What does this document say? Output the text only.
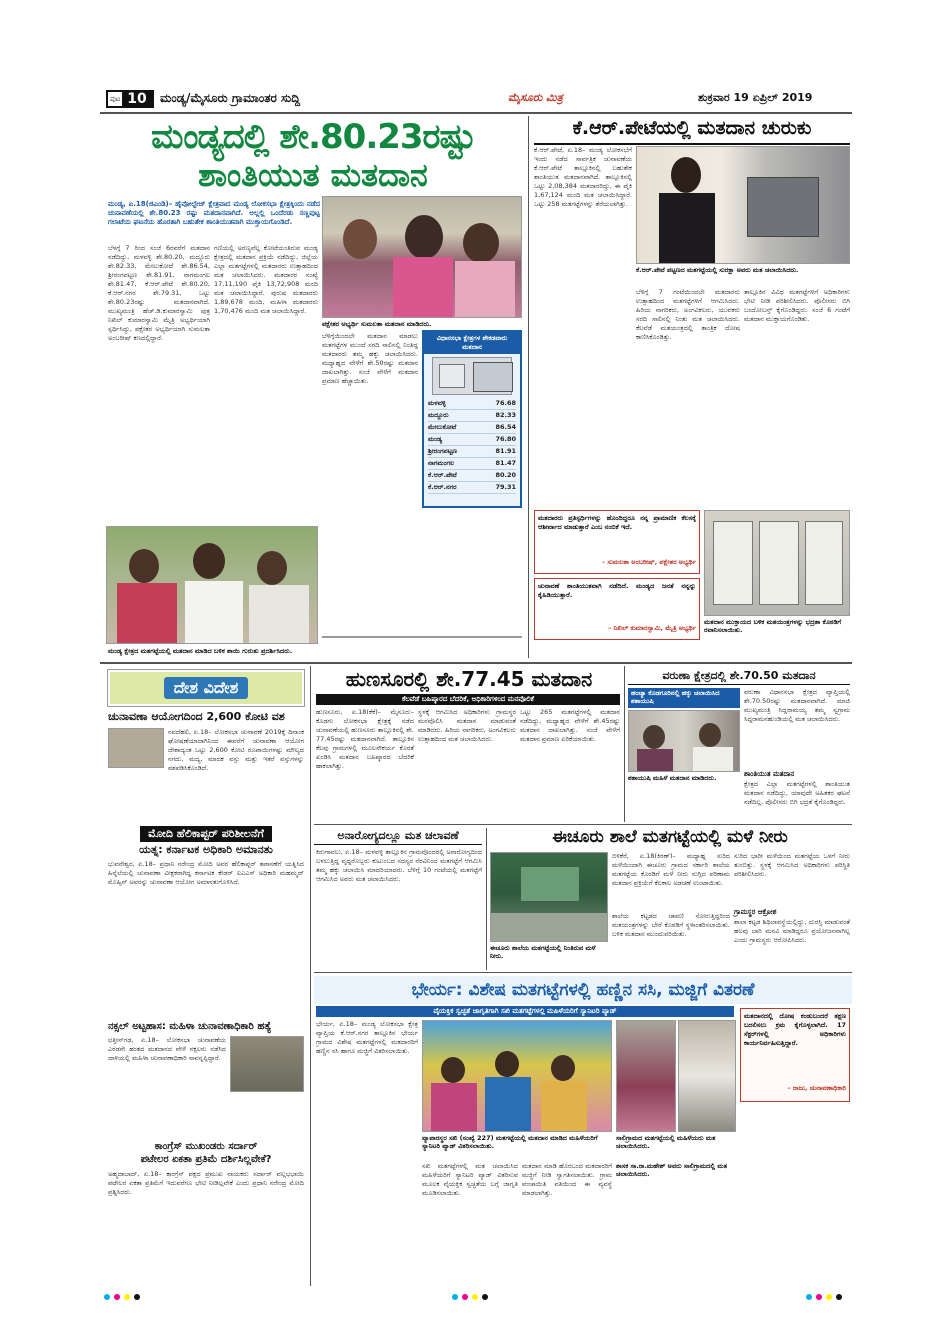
ಪುಟ 10	ಮಂಡ್ಯ/ಮೈಸೂರು ಗ್ರಾಮಾಂತರ ಸುದ್ದಿ	ಮೈಸೂರು ಮಿತ್ರ	ಶುಕ್ರವಾರ 19 ಏಪ್ರಿಲ್ 2019
ಮಂಡ್ಯದಲ್ಲಿ ಶೇ.80.23ರಷ್ಟು
ಶಾಂತಿಯುತ ಮತದಾನ
ಮಂಡ್ಯ, ಏ.18(ಜಿಎಂಡಿ)– ಹೈವೋಲ್ಟೇಜ್ ಕ್ಷೇತ್ರವಾದ ಮಂಡ್ಯ ಲೋಕಸಭಾ ಕ್ಷೇತ್ರಕ್ಕಿಂದು ನಡೆದ ಚುನಾವಣೆಯಲ್ಲಿ ಶೇ.80.23 ರಷ್ಟು ಮತದಾನವಾಗಿದೆ. ಅಲ್ಲಲ್ಲಿ ಒಂದೆರಡು ಸಣ್ಣಪುಟ್ಟ ಗಲಾಟೆಯ ಘಟನೆಯ ಹೊರತಾಗಿ ಬಹುತೇಕ ಶಾಂತಿಯುತವಾಗಿ ಮುಕ್ತಾಯಗೊಂಡಿದೆ.
ಬೆಳಗ್ಗೆ 7 ರಿಂದ ಸಂಜೆ 6ರವರೆಗೆ ಮತದಾನ ನಡೆದಿದ್ದು, ಮಳವಳ್ಳಿ ಶೇ.80.20, ಮದ್ದೂರು ಶೇ.82.33, ಮೇಲುಕೋಟೆ ಶೇ.86.54, ಶ್ರೀರಂಗಪಟ್ಟಣ ಶೇ.81.91, ನಾಗಮಂಗಲ ಶೇ.81.47, ಕೆ.ಆರ್.ಪೇಟೆ ಶೇ.80.20, ಕೆ.ಆರ್.ನಗರ ಶೇ.79.31, ಒಟ್ಟು ಶೇ.80.23ರಷ್ಟು ಮತದಾನವಾಗಿದೆ. ಮುಖ್ಯಮಂತ್ರಿ ಹೆಚ್.ಡಿ.ಕುಮಾರಸ್ವಾಮಿ ಪುತ್ರ ನಿಖಿಲ್ ಕುಮಾರಸ್ವಾಮಿ ಮೈತ್ರಿ ಅಭ್ಯರ್ಥಿಯಾಗಿ ಸ್ಪರ್ಧಿಸಿದ್ದು, ಪಕ್ಷೇತರ ಅಭ್ಯರ್ಥಿಯಾಗಿ ಸುಮಲತಾ ಅಂಬರೀಷ್ ಕಣದಲ್ಲಿದ್ದಾರೆ.
ಗಣಿಯಲ್ಲಿ ಅರಣ್ಯವೆಲ್ಲ ಕೋಟೆಯಂತಿರುವ ಮಂಡ್ಯ ಕ್ಷೇತ್ರದಲ್ಲಿ ಮತದಾನ ಪ್ರಕ್ರಿಯೆ ನಡೆದಿದ್ದು, ಜಿಲ್ಲೆಯ ಎಲ್ಲಾ ಮತಗಟ್ಟೆಗಳಲ್ಲಿ ಮತದಾರರು ಉತ್ಸಾಹದಿಂದ ಮತ ಚಲಾಯಿಸಿದರು. ಮತದಾರರ ಸಂಖ್ಯೆ 17,11,190 ಪೈಕಿ 13,72,908 ಮಂದಿ ಮತ ಚಲಾಯಿಸಿದ್ದಾರೆ. ಪುರುಷ ಮತದಾರರು 1,89,678 ಮಂದಿ, ಮಹಿಳಾ ಮತದಾರರು 1,70,476 ಮಂದಿ ಮತ ಚಲಾಯಿಸಿದ್ದಾರೆ.
ಪಕ್ಷೇತರ ಅಭ್ಯರ್ಥಿ ಸುಮಲತಾ ಮತದಾನ ಮಾಡಿದರು.
ವಿಧಾನಸಭಾ ಕ್ಷೇತ್ರಗಳ ಶೇಕಡವಾರು ಮತದಾನ
ಮಳವಳ್ಳಿ	76.68
ಮದ್ದೂರು	82.33
ಮೇಲುಕೋಟೆ	86.54
ಮಂಡ್ಯ	76.80
ಶ್ರೀರಂಗಪಟ್ಟಣ	81.91
ನಾಗಮಂಗಲ	81.47
ಕೆ.ಆರ್.ಪೇಟೆ	80.20
ಕೆ.ಆರ್.ನಗರ	79.31
ಬೆಳಿಗ್ಗೆಯಿಂದಲೇ ಮತದಾನ ಮಾಡಲು ಮತಗಟ್ಟೆಗಳ ಮುಂದೆ ಸರದಿ ಸಾಲಿನಲ್ಲಿ ನಿಂತಿದ್ದ ಮತದಾರರು ತಮ್ಮ ಹಕ್ಕು ಚಲಾಯಿಸಿದರು. ಮಧ್ಯಾಹ್ನದ ವೇಳೆಗೆ ಶೇ.50ರಷ್ಟು ಮತದಾನ ದಾಖಲಾಗಿತ್ತು. ಸಂಜೆ ವೇಳೆಗೆ ಮತದಾನ ಪ್ರಮಾಣ ಹೆಚ್ಚಾಯಿತು.
ಮಂಡ್ಯ ಕ್ಷೇತ್ರದ ಮತಗಟ್ಟೆಯಲ್ಲಿ ಮತದಾನ ಮಾಡಿದ ಬಳಿಕ ಶಾಯಿ ಗುರುತು ಪ್ರದರ್ಶಿಸಿದರು.
ಕೆ.ಆರ್.ಪೇಟೆಯಲ್ಲಿ ಮತದಾನ ಚುರುಕು
ಕೆ.ಆರ್.ಪೇಟೆ, ಏ.18– ಮಂಡ್ಯ ಲೋಕಸಭೆಗೆ ಇಂದು ನಡೆದ ಸಾರ್ವತ್ರಿಕ ಚುನಾವಣೆಯ ಕೆ.ಆರ್.ಪೇಟೆ ತಾಲ್ಲೂಕಿನಲ್ಲಿ ಬಹುತೇಕ ಶಾಂತಿಯುತ ಮತದಾನವಾಗಿದೆ. ತಾಲ್ಲೂಕಿನಲ್ಲಿ ಒಟ್ಟು 2,08,384 ಮತದಾರರಿದ್ದು, ಈ ಪೈಕಿ 1,67,124 ಮಂದಿ ಮತ ಚಲಾಯಿಸಿದ್ದಾರೆ. ಒಟ್ಟು 258 ಮತಗಟ್ಟೆಗಳನ್ನು ತೆರೆಯಲಾಗಿತ್ತು.
ಕೆ.ಆರ್.ಪೇಟೆ ಪಟ್ಟಣದ ಮತಗಟ್ಟೆಯಲ್ಲಿ ಸುರಕ್ಷಾ ಅವರು ಮತ ಚಲಾಯಿಸಿದರು.
ಬೆಳಿಗ್ಗೆ 7 ಗಂಟೆಯಿಂದಲೇ ಮತದಾರರು ಉತ್ಸಾಹದಿಂದ ಮತಗಟ್ಟೆಗಳಿಗೆ ಆಗಮಿಸಿದರು. ಹಿರಿಯ ನಾಗರಿಕರು, ಅಂಗವಿಕಲರು, ಯುವಕರು ಸರದಿ ಸಾಲಿನಲ್ಲಿ ನಿಂತು ಮತ ಚಲಾಯಿಸಿದರು. ಕೆಲವೆಡೆ ಮತಯಂತ್ರದಲ್ಲಿ ತಾಂತ್ರಿಕ ದೋಷ ಕಾಣಿಸಿಕೊಂಡಿತ್ತು.
ತಾಲ್ಲೂಕಿನ ವಿವಿಧ ಮತಗಟ್ಟೆಗಳಿಗೆ ಅಧಿಕಾರಿಗಳು ಭೇಟಿ ನೀಡಿ ಪರಿಶೀಲಿಸಿದರು. ಪೊಲೀಸರು ಬಿಗಿ ಬಂದೋಬಸ್ತ್ ಕೈಗೊಂಡಿದ್ದರು. ಸಂಜೆ 6 ಗಂಟೆಗೆ ಮತದಾನ ಮುಕ್ತಾಯಗೊಂಡಿತು.
ಮತದಾರರು ಪ್ರತಿಸ್ಪರ್ಧಿಗಳನ್ನು ಹೊಂದಿದ್ದರೂ ನನ್ನ ಪ್ರಾಮಾಣಿಕ ಕೆಲಸಕ್ಕೆ ಆಶೀರ್ವಾದ ಮಾಡುತ್ತಾರೆ ಎಂಬ ನಂಬಿಕೆ ಇದೆ.
– ಸುಮಲತಾ ಅಂಬರೀಷ್, ಪಕ್ಷೇತರ ಅಭ್ಯರ್ಥಿ
ಚುನಾವಣೆ ಶಾಂತಿಯುತವಾಗಿ ನಡೆದಿದೆ. ಮಂಡ್ಯದ ಜನತೆ ನನ್ನನ್ನು ಕೈಹಿಡಿಯುತ್ತಾರೆ.
– ನಿಖಿಲ್ ಕುಮಾರಸ್ವಾಮಿ, ಮೈತ್ರಿ ಅಭ್ಯರ್ಥಿ
ಮತದಾನ ಮುಕ್ತಾಯದ ಬಳಿಕ ಮತಯಂತ್ರಗಳನ್ನು ಭದ್ರತಾ ಕೊಠಡಿಗೆ ರವಾನಿಸಲಾಯಿತು.
ದೇಶ ವಿದೇಶ
ಚುನಾವಣಾ ಆಯೋಗದಿಂದ 2,600 ಕೋಟಿ ವಶ
ನವದೆಹಲಿ, ಏ.18– ಲೋಕಸಭಾ ಚುನಾವಣೆ 2019ಕ್ಕೆ ದಿನಾಂಕ ಘೋಷಣೆಯಾದಾಗಿನಿಂದ ಈವರೆಗೆ ಚುನಾವಣಾ ಆಯೋಗ ದೇಶಾದ್ಯಂತ ಒಟ್ಟು 2,600 ಕೋಟಿ ರೂಪಾಯಿಗಳಷ್ಟು ಮೌಲ್ಯದ ನಗದು, ಮದ್ಯ, ಮಾದಕ ವಸ್ತು ಮತ್ತು ಇತರೆ ವಸ್ತುಗಳನ್ನು ವಶಪಡಿಸಿಕೊಂಡಿದೆ.
ಮೋದಿ ಹೆಲಿಕಾಪ್ಟರ್ ಪರಿಶೀಲನೆಗೆ
ಯತ್ನ: ಕರ್ನಾಟಕ ಅಧಿಕಾರಿ ಅಮಾನತು
ಭುವನೇಶ್ವರ, ಏ.18– ಪ್ರಧಾನಿ ನರೇಂದ್ರ ಮೋದಿ ಅವರ ಹೆಲಿಕಾಪ್ಟರ್ ತಪಾಸಣೆಗೆ ಯತ್ನಿಸಿದ ಹಿನ್ನೆಲೆಯಲ್ಲಿ ಚುನಾವಣಾ ವೀಕ್ಷಕರಾಗಿದ್ದ ಕರ್ನಾಟಕ ಕೇಡರ್ ಐಎಎಸ್ ಅಧಿಕಾರಿ ಮಹಮ್ಮದ್ ಮೊಹ್ಸಿನ್ ಅವರನ್ನು ಚುನಾವಣಾ ಆಯೋಗ ಅಮಾನತುಗೊಳಿಸಿದೆ.
ನಕ್ಸಲ್ ಅಟ್ಟಹಾಸ: ಮಹಿಳಾ ಚುನಾವಣಾಧಿಕಾರಿ ಹತ್ಯೆ
ಛತ್ತೀಸ್‌ಗಢ, ಏ.18– ಲೋಕಸಭಾ ಚುನಾವಣೆಯ ಎರಡನೇ ಹಂತದ ಮತದಾನದ ವೇಳೆ ನಕ್ಸಲರು ನಡೆಸಿದ ದಾಳಿಯಲ್ಲಿ ಮಹಿಳಾ ಚುನಾವಣಾಧಿಕಾರಿ ಸಾವನ್ನಪ್ಪಿದ್ದಾರೆ.
ಕಾಂಗ್ರೆಸ್ ಮುಖಂಡರು ಸರ್ದಾರ್
ಪಟೇಲರ ಏಕತಾ ಪ್ರತಿಮೆ ದರ್ಶಿಸಿಲ್ಲವೇಕೆ?
ಅಹ್ಮದಾಬಾದ್, ಏ.18– ಕಾಂಗ್ರೆಸ್ ಪಕ್ಷದ ಪ್ರಮುಖ ನಾಯಕರು ಸರ್ದಾರ್ ವಲ್ಲಭಭಾಯಿ ಪಟೇಲರ ಏಕತಾ ಪ್ರತಿಮೆಗೆ ಇದುವರೆಗೂ ಭೇಟಿ ನೀಡಿಲ್ಲವೇಕೆ ಎಂದು ಪ್ರಧಾನಿ ನರೇಂದ್ರ ಮೋದಿ ಪ್ರಶ್ನಿಸಿದರು.
ಹುಣಸೂರಲ್ಲಿ ಶೇ.77.45 ಮತದಾನ
ಕೆಲವೆಡೆ ಬಹಿಷ್ಕಾರದ ಬೆದರಿಕೆ, ಅಧಿಕಾರಿಗಳಿಂದ ಮನವೊಲಿಕೆ
ಹುಣಸೂರು, ಏ.18(ಕೆಕೆ)– ಮೈಸೂರು–ಕೊಡಗು ಲೋಕಸಭಾ ಕ್ಷೇತ್ರಕ್ಕೆ ನಡೆದ ಚುನಾವಣೆಯಲ್ಲಿ ಹುಣಸೂರು ತಾಲ್ಲೂಕಿನಲ್ಲಿ ಶೇ. 77.45ರಷ್ಟು ಮತದಾನವಾಗಿದೆ. ತಾಲ್ಲೂಕಿನ ಕೆಲವು ಗ್ರಾಮಗಳಲ್ಲಿ ಮೂಲಸೌಕರ್ಯ ಕೊರತೆ ಖಂಡಿಸಿ ಮತದಾನ ಬಹಿಷ್ಕಾರದ ಬೆದರಿಕೆ ಹಾಕಲಾಗಿತ್ತು.
ಸ್ಥಳಕ್ಕೆ ಆಗಮಿಸಿದ ಅಧಿಕಾರಿಗಳು ಗ್ರಾಮಸ್ಥರ ಮನವೊಲಿಸಿ ಮತದಾನ ಮಾಡುವಂತೆ ಮಾಡಿದರು. ಹಿರಿಯ ನಾಗರಿಕರು, ಅಂಗವಿಕಲರು ಉತ್ಸಾಹದಿಂದ ಮತ ಚಲಾಯಿಸಿದರು.
ಒಟ್ಟು 265 ಮತಗಟ್ಟೆಗಳಲ್ಲಿ ಮತದಾನ ನಡೆದಿದ್ದು, ಮಧ್ಯಾಹ್ನದ ವೇಳೆಗೆ ಶೇ.45ರಷ್ಟು ಮತದಾನ ದಾಖಲಾಗಿತ್ತು. ಸಂಜೆ ವೇಳೆಗೆ ಮತದಾನ ಪ್ರಮಾಣ ಏರಿಕೆಯಾಯಿತು.
ವರುಣಾ ಕ್ಷೇತ್ರದಲ್ಲಿ ಶೇ.70.50 ಮತದಾನ
ಹಂಚ್ಯಾ ಕೊಡಗೂರಿನಲ್ಲಿ ಹಕ್ಕು ಚಲಾಯಿಸಿದ ಶತಾಯುಷಿ
ಶತಾಯುಷಿ ಮಹಿಳೆ ಮತದಾನ ಮಾಡಿದರು.
ವರುಣಾ ವಿಧಾನಸಭಾ ಕ್ಷೇತ್ರದ ವ್ಯಾಪ್ತಿಯಲ್ಲಿ ಶೇ.70.50ರಷ್ಟು ಮತದಾನವಾಗಿದೆ. ಮಾಜಿ ಮುಖ್ಯಮಂತ್ರಿ ಸಿದ್ದರಾಮಯ್ಯ ತಮ್ಮ ಸ್ವಗ್ರಾಮ ಸಿದ್ದರಾಮನಹುಂಡಿಯಲ್ಲಿ ಮತ ಚಲಾಯಿಸಿದರು.
ಶಾಂತಿಯುತ ಮತದಾನ
ಕ್ಷೇತ್ರದ ಎಲ್ಲಾ ಮತಗಟ್ಟೆಗಳಲ್ಲಿ ಶಾಂತಿಯುತ ಮತದಾನ ನಡೆದಿದ್ದು, ಯಾವುದೇ ಅಹಿತಕರ ಘಟನೆ ನಡೆದಿಲ್ಲ. ಪೊಲೀಸರು ಬಿಗಿ ಭದ್ರತೆ ಕೈಗೊಂಡಿದ್ದರು.
ಅನಾರೋಗ್ಯದಲ್ಲೂ ಮತ ಚಲಾವಣೆ
ಕಿರುಗಾವಲು, ಏ.18– ಮಳವಳ್ಳಿ ತಾಲ್ಲೂಕಿನ ಗ್ರಾಮವೊಂದರಲ್ಲಿ ಅನಾರೋಗ್ಯದಿಂದ ಬಳಲುತ್ತಿದ್ದ ವೃದ್ಧರೊಬ್ಬರು ಕುಟುಂಬದ ಸದಸ್ಯರ ನೆರವಿನಿಂದ ಮತಗಟ್ಟೆಗೆ ಆಗಮಿಸಿ ತಮ್ಮ ಹಕ್ಕು ಚಲಾಯಿಸಿ ಮಾದರಿಯಾದರು. ಬೆಳಿಗ್ಗೆ 10 ಗಂಟೆಯಲ್ಲಿ ಮತಗಟ್ಟೆಗೆ ಆಗಮಿಸಿದ ಅವರು ಮತ ಚಲಾಯಿಸಿದರು.
ಈಚೂರು ಶಾಲೆ ಮತಗಟ್ಟೆಯಲ್ಲಿ ಮಳೆ ನೀರು
ಈಚೂರು ಶಾಲೆಯ ಮತಗಟ್ಟೆಯಲ್ಲಿ ನಿಂತಿರುವ ಮಳೆ ನೀರು.
ಬಿಳಿಕೆರೆ, ಏ.18(ಕಿರಣ್)– ಮಧ್ಯಾಹ್ನ ಸುರಿದ ಮಳೆಯಿಂದಾಗಿ ಈಚೂರು ಗ್ರಾಮದ ಸರ್ಕಾರಿ ಶಾಲೆಯ ಮತಗಟ್ಟೆಯ ಕೊಠಡಿಗೆ ಮಳೆ ನೀರು ನುಗ್ಗಿದ ಪರಿಣಾಮ ಮತದಾನ ಪ್ರಕ್ರಿಯೆಗೆ ಕೆಲಕಾಲ ಅಡಚಣೆ ಉಂಟಾಯಿತು.
ಶಾಲೆಯ ಕಟ್ಟಡದ ಚಾವಣಿ ಸೋರುತ್ತಿದ್ದರಿಂದ ಮತಯಂತ್ರಗಳನ್ನು ಬೇರೆ ಕೊಠಡಿಗೆ ಸ್ಥಳಾಂತರಿಸಲಾಯಿತು. ಬಳಿಕ ಮತದಾನ ಮುಂದುವರಿಯಿತು.
ಸುರಿದ ಭಾರೀ ಮಳೆಯಿಂದ ಮತಗಟ್ಟೆಯ ಒಳಗೆ ನೀರು ತುಂಬಿತ್ತು. ಸ್ಥಳಕ್ಕೆ ಆಗಮಿಸಿದ ಅಧಿಕಾರಿಗಳು ಪರಿಸ್ಥಿತಿ ಪರಿಶೀಲಿಸಿದರು.
ಗ್ರಾಮಸ್ಥರ ಆಕ್ರೋಶ
ಶಾಲಾ ಕಟ್ಟಡ ಶಿಥಿಲಾವಸ್ಥೆಯಲ್ಲಿದ್ದು, ದುರಸ್ತಿ ಮಾಡುವಂತೆ ಹಲವು ಬಾರಿ ಮನವಿ ಮಾಡಿದ್ದರೂ ಪ್ರಯೋಜನವಾಗಿಲ್ಲ ಎಂದು ಗ್ರಾಮಸ್ಥರು ಆರೋಪಿಸಿದರು.
ಭೇರ್ಯ: ವಿಶೇಷ ಮತಗಟ್ಟೆಗಳಲ್ಲಿ ಹಣ್ಣಿನ ಸಸಿ, ಮಜ್ಜಿಗೆ ವಿತರಣೆ
ವೈಯಕ್ತಿಕ ಸ್ವಚ್ಛತೆ ಜಾಗೃತಿಗಾಗಿ ಸಖಿ ಮತಗಟ್ಟೆಗಳಲ್ಲಿ ಮಹಿಳೆಯರಿಗೆ ಸ್ಯಾನಿಟರಿ ಪ್ಯಾಡ್
ಭೇರ್ಯ, ಏ.18– ಮಂಡ್ಯ ಲೋಕಸಭಾ ಕ್ಷೇತ್ರ ವ್ಯಾಪ್ತಿಯ ಕೆ.ಆರ್.ನಗರ ತಾಲ್ಲೂಕಿನ ಭೇರ್ಯ ಗ್ರಾಮದ ವಿಶೇಷ ಮತಗಟ್ಟೆಗಳಲ್ಲಿ ಮತದಾರರಿಗೆ ಹಣ್ಣಿನ ಸಸಿ ಹಾಗೂ ಮಜ್ಜಿಗೆ ವಿತರಿಸಲಾಯಿತು.
ವ್ಯಾಪಾರಸ್ಥರ ಸಖಿ (ಸಂಖ್ಯೆ 227) ಮತಗಟ್ಟೆಯಲ್ಲಿ ಮತದಾನ ಮಾಡಿದ ಮಹಿಳೆಯರಿಗೆ ಸ್ಯಾನಿಟರಿ ಪ್ಯಾಡ್ ವಿತರಿಸಲಾಯಿತು.
ಸಾಲಿಗ್ರಾಮದ ಮತಗಟ್ಟೆಯಲ್ಲಿ ಮಹಿಳೆಯರು ಮತ ಚಲಾಯಿಸಿದರು.
ಸಖಿ ಮತಗಟ್ಟೆಗಳಲ್ಲಿ ಮತ ಚಲಾಯಿಸಿದ ಮಹಿಳೆಯರಿಗೆ ಸ್ಯಾನಿಟರಿ ಪ್ಯಾಡ್ ವಿತರಿಸುವ ಮೂಲಕ ವೈಯಕ್ತಿಕ ಸ್ವಚ್ಛತೆಯ ಬಗ್ಗೆ ಜಾಗೃತಿ ಮೂಡಿಸಲಾಯಿತು.
ಮತದಾನ ಮಾಡಿ ಹೊರಬಂದ ಮತದಾರರಿಗೆ ಮಜ್ಜಿಗೆ ನೀಡಿ ಸ್ವಾಗತಿಸಲಾಯಿತು. ಗ್ರಾಮ ಪಂಚಾಯಿತಿ ವತಿಯಿಂದ ಈ ವ್ಯವಸ್ಥೆ ಮಾಡಲಾಗಿತ್ತು.
ಶಾಸಕ ಸಾ.ರಾ.ಮಹೇಶ್ ಅವರು ಸಾಲಿಗ್ರಾಮದಲ್ಲಿ ಮತ ಚಲಾಯಿಸಿದರು.
ಮತದಾನದಲ್ಲಿ ದೋಷ ಕಂಡುಬಂದರೆ ತಕ್ಷಣ ಬದಲಿಸಲು ಕ್ರಮ ಕೈಗೊಳ್ಳಲಾಗಿದೆ. 17 ಸೆಕ್ಟರ್‌ಗಳಲ್ಲಿ ಅಧಿಕಾರಿಗಳು ಕಾರ್ಯನಿರ್ವಹಿಸುತ್ತಿದ್ದಾರೆ.
– ರಾಜು, ಚುನಾವಣಾಧಿಕಾರಿ
